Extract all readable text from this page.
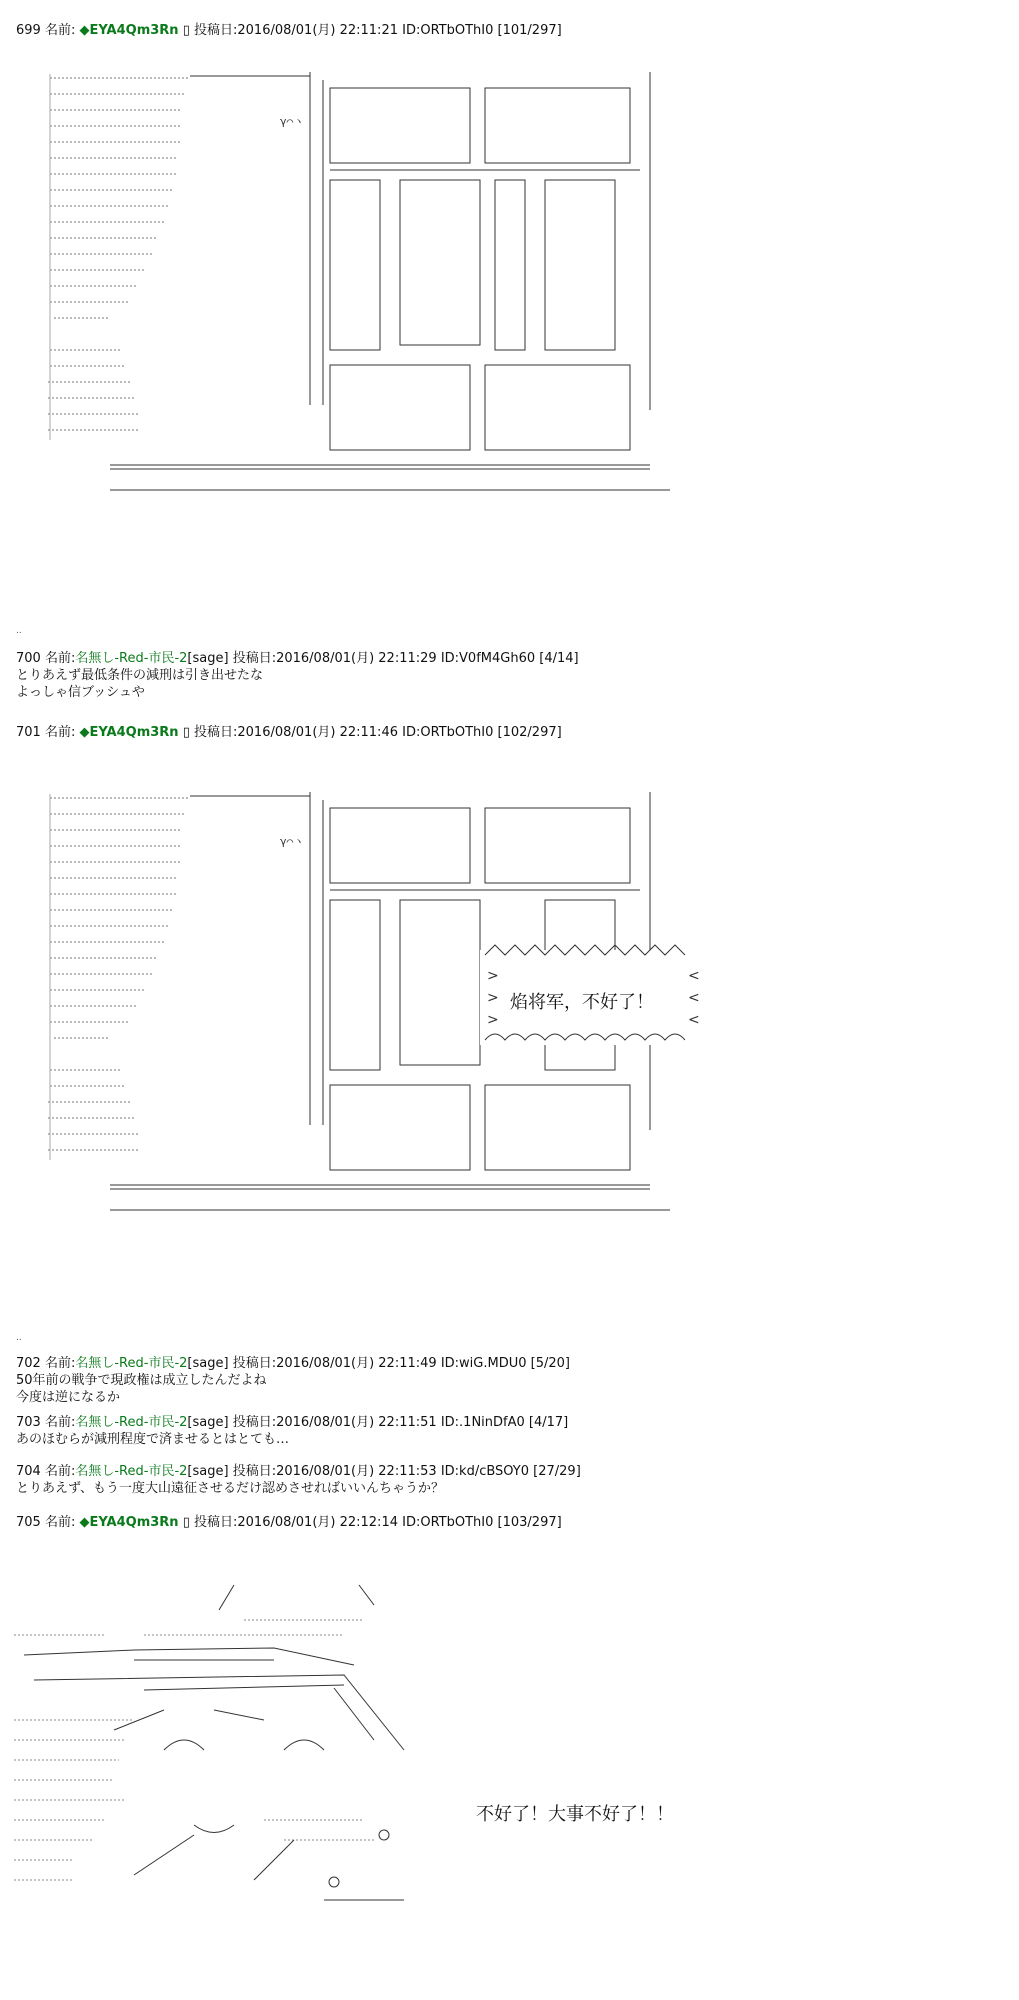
699 名前: ◆EYA4Qm3Rn ▯ 投稿日:2016/08/01(月) 22:11:21 ID:ORTbOThI0 [101/297]
γ⌒ヽ
..
700 名前:名無し-Red-市民-2[sage] 投稿日:2016/08/01(月) 22:11:29 ID:V0fM4Gh60 [4/14]
とりあえず最低条件の減刑は引き出せたな
よっしゃ信ブッシュや
701 名前: ◆EYA4Qm3Rn ▯ 投稿日:2016/08/01(月) 22:11:46 ID:ORTbOThI0 [102/297]
γ⌒ヽ
>
>
>
<
<
<
焰将军，不好了！
..
702 名前:名無し-Red-市民-2[sage] 投稿日:2016/08/01(月) 22:11:49 ID:wiG.MDU0 [5/20]
50年前の戦争で現政権は成立したんだよね
今度は逆になるか
703 名前:名無し-Red-市民-2[sage] 投稿日:2016/08/01(月) 22:11:51 ID:.1NinDfA0 [4/17]
あのほむらが減刑程度で済ませるとはとても…
704 名前:名無し-Red-市民-2[sage] 投稿日:2016/08/01(月) 22:11:53 ID:kd/cBSOY0 [27/29]
とりあえず、もう一度大山遠征させるだけ認めさせればいいんちゃうか？
705 名前: ◆EYA4Qm3Rn ▯ 投稿日:2016/08/01(月) 22:12:14 ID:ORTbOThI0 [103/297]
不好了！大事不好了！！
